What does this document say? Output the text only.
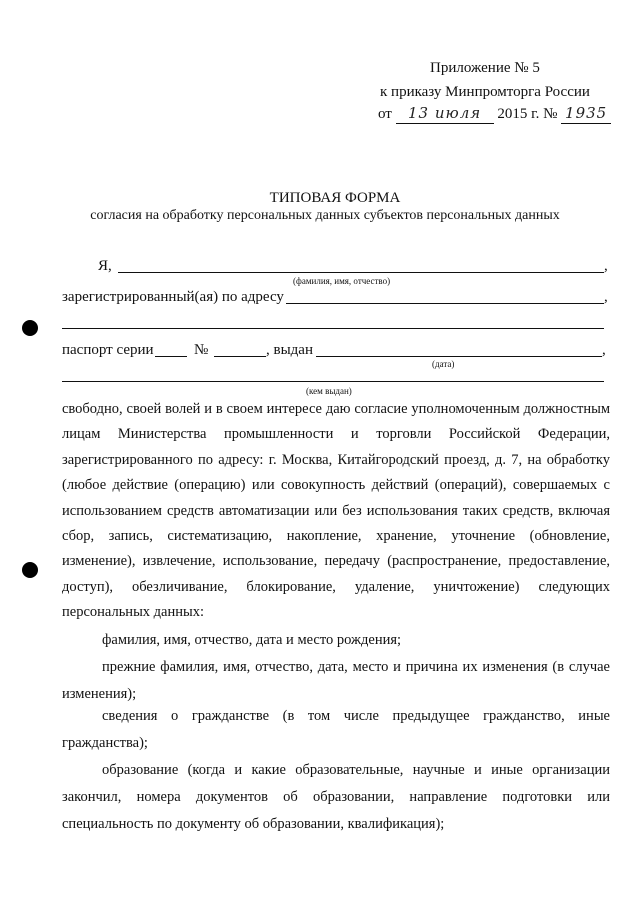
Приложение № 5
к приказу Минпромторга России
от 13 июля 2015 г. № 1935
ТИПОВАЯ ФОРМА
согласия на обработку персональных данных субъектов персональных данных
Я,	,
(фамилия, имя, отчество)
зарегистрированный(ая) по адресу	,
паспорт серии	№	, выдан	,
(дата)
(кем выдан)
свободно, своей волей и в своем интересе даю согласие уполномоченным должностным лицам Министерства промышленности и торговли Российской Федерации, зарегистрированного по адресу: г. Москва, Китайгородский проезд, д. 7, на обработку (любое действие (операцию) или совокупность действий (операций), совершаемых с использованием средств автоматизации или без использования таких средств, включая сбор, запись, систематизацию, накопление, хранение, уточнение (обновление, изменение), извлечение, использование, передачу (распространение, предоставление, доступ), обезличивание, блокирование, удаление, уничтожение) следующих персональных данных:
фамилия, имя, отчество, дата и место рождения;
прежние фамилия, имя, отчество, дата, место и причина их изменения (в случае изменения);
сведения о гражданстве (в том числе предыдущее гражданство, иные гражданства);
образование (когда и какие образовательные, научные и иные организации закончил, номера документов об образовании, направление подготовки или специальность по документу об образовании, квалификация);
